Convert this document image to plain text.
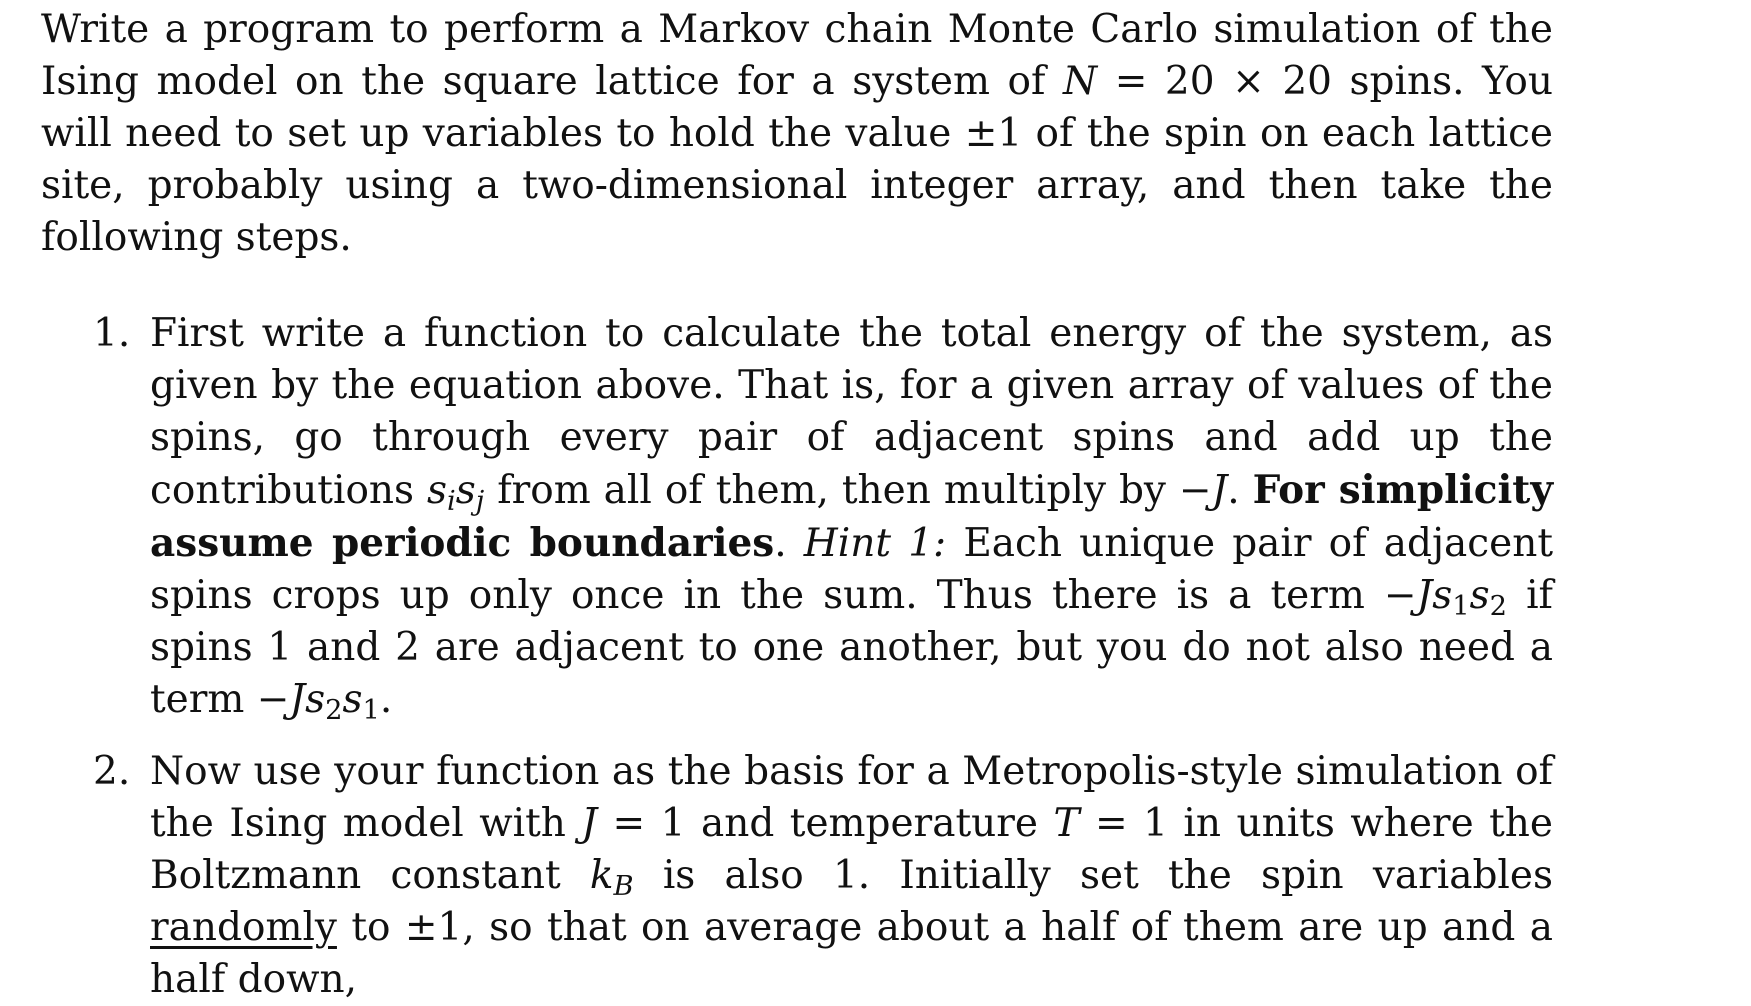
Write a program to perform a Markov chain Monte Carlo simulation of the Ising model on the square lattice for a system of N = 20 × 20 spins. You will need to set up variables to hold the value ±1 of the spin on each lattice site, probably using a two-dimensional integer array, and then take the following steps.

1. First write a function to calculate the total energy of the system, as given by the equation above. That is, for a given array of values of the spins, go through every pair of adjacent spins and add up the contributions $s_is_j$ from all of them, then multiply by −J. For simplicity assume periodic boundaries. Hint 1: Each unique pair of adjacent spins crops up only once in the sum. Thus there is a term $-Js_1s_2$ if spins 1 and 2 are adjacent to one another, but you do not also need a term $-Js_2s_1$.
2. Now use your function as the basis for a Metropolis-style simulation of the Ising model with J = 1 and temperature T = 1 in units where the Boltzmann constant $k_B$ is also 1. Initially set the spin variables randomly to ±1, so that on average about a half of them are up and a half down,
